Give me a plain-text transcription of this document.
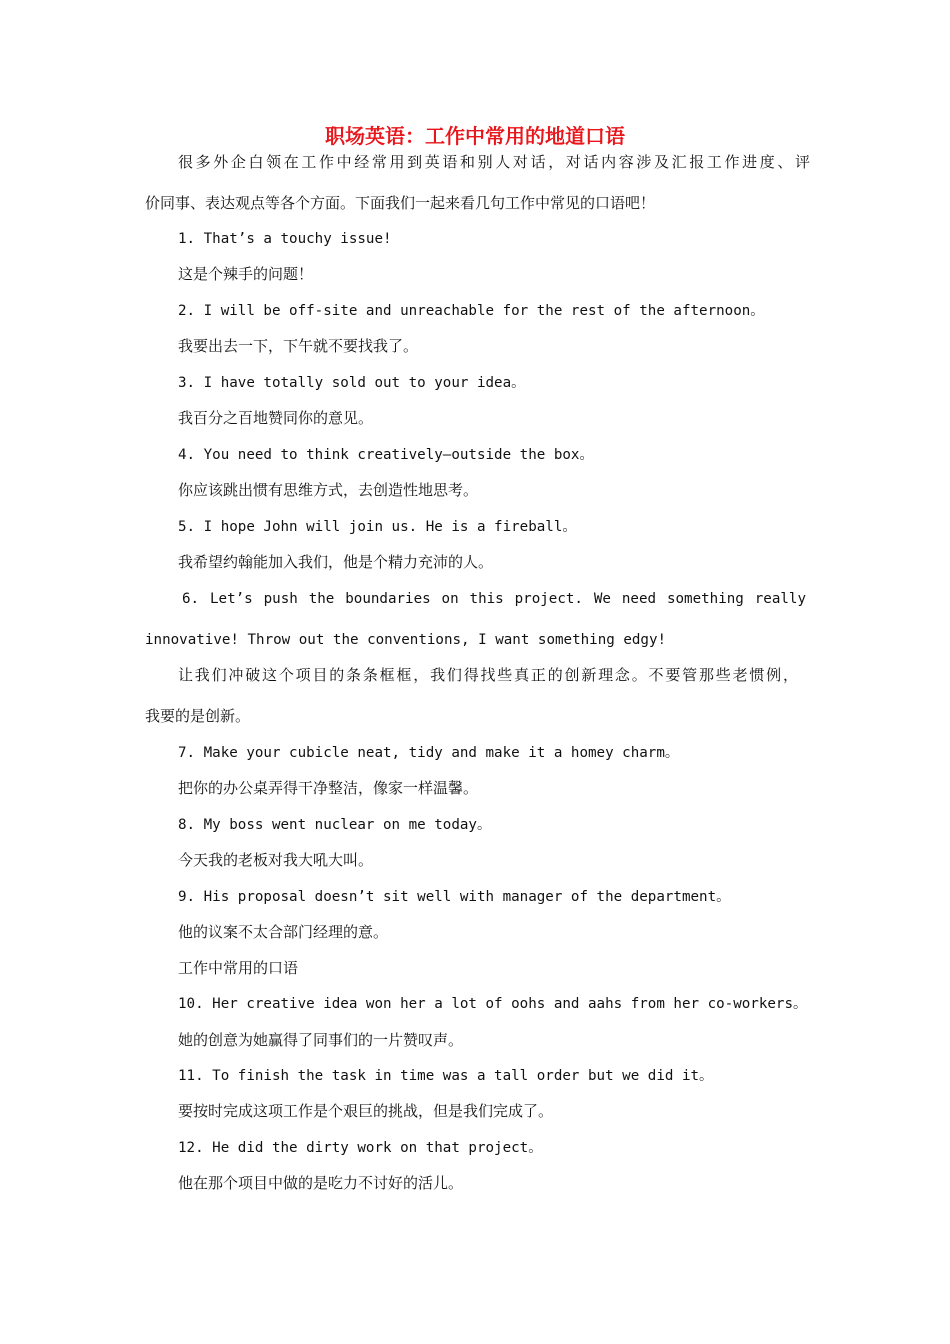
职场英语：工作中常用的地道口语
很多外企白领在工作中经常用到英语和别人对话，对话内容涉及汇报工作进度、评
价同事、表达观点等各个方面。下面我们一起来看几句工作中常见的口语吧！
1. That’s a touchy issue!
这是个辣手的问题！
2. I will be off-site and unreachable for the rest of the afternoon。
我要出去一下，下午就不要找我了。
3. I have totally sold out to your idea。
我百分之百地赞同你的意见。
4. You need to think creatively—outside the box。
你应该跳出惯有思维方式，去创造性地思考。
5. I hope John will join us. He is a fireball。
我希望约翰能加入我们，他是个精力充沛的人。
6. Let’s push the boundaries on this project. We need something really
innovative! Throw out the conventions, I want something edgy!
让我们冲破这个项目的条条框框，我们得找些真正的创新理念。不要管那些老惯例，
我要的是创新。
7. Make your cubicle neat, tidy and make it a homey charm。
把你的办公桌弄得干净整洁，像家一样温馨。
8. My boss went nuclear on me today。
今天我的老板对我大吼大叫。
9. His proposal doesn’t sit well with manager of the department。
他的议案不太合部门经理的意。
工作中常用的口语
10. Her creative idea won her a lot of oohs and aahs from her co-workers。
她的创意为她赢得了同事们的一片赞叹声。
11. To finish the task in time was a tall order but we did it。
要按时完成这项工作是个艰巨的挑战，但是我们完成了。
12. He did the dirty work on that project。
他在那个项目中做的是吃力不讨好的活儿。
